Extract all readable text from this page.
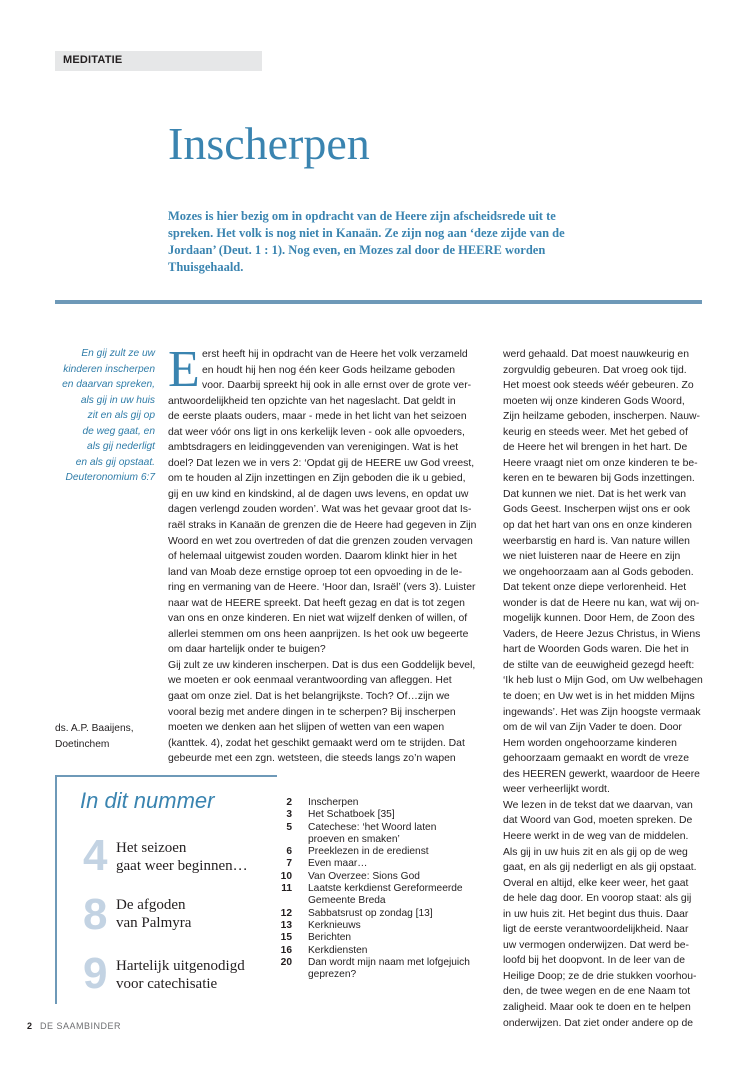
MEDITATIE
Inscherpen

Mozes is hier bezig om in opdracht van de Heere zijn afscheidsrede uit te spreken. Het volk is nog niet in Kanaän. Ze zijn nog aan ‘deze zijde van de Jordaan’ (Deut. 1 : 1). Nog even, en Mozes zal door de HEERE worden Thuisgehaald.

En gij zult ze uw
kinderen inscherpen
en daarvan spreken,
als gij in uw huis
zit en als gij op
de weg gaat, en
als gij nederligt
en als gij opstaat.
Deuteronomium 6:7
ds. A.P. Baaijens,
Doetinchem
E erst heeft hij in opdracht van de Heere het volk verzameld
en houdt hij hen nog één keer Gods heilzame geboden
voor. Daarbij spreekt hij ook in alle ernst over de grote ver-
antwoordelijkheid ten opzichte van het nageslacht. Dat geldt in
de eerste plaats ouders, maar - mede in het licht van het seizoen
dat weer vóór ons ligt in ons kerkelijk leven - ook alle opvoeders,
ambtsdragers en leidinggevenden van verenigingen. Wat is het
doel? Dat lezen we in vers 2: ‘Opdat gij de HEERE uw God vreest,
om te houden al Zijn inzettingen en Zijn geboden die ik u gebied,
gij en uw kind en kindskind, al de dagen uws levens, en opdat uw
dagen verlengd zouden worden’. Wat was het gevaar groot dat Is-
raël straks in Kanaän de grenzen die de Heere had gegeven in Zijn
Woord en wet zou overtreden of dat die grenzen zouden vervagen
of helemaal uitgewist zouden worden. Daarom klinkt hier in het
land van Moab deze ernstige oproep tot een opvoeding in de le-
ring en vermaning van de Heere. ‘Hoor dan, Israël’ (vers 3). Luister
naar wat de HEERE spreekt. Dat heeft gezag en dat is tot zegen
van ons en onze kinderen. En niet wat wijzelf denken of willen, of
allerlei stemmen om ons heen aanprijzen. Is het ook uw begeerte
om daar hartelijk onder te buigen?
Gij zult ze uw kinderen inscherpen. Dat is dus een Goddelijk bevel,
we moeten er ook eenmaal verantwoording van afleggen. Het
gaat om onze ziel. Dat is het belangrijkste. Toch? Of…zijn we
vooral bezig met andere dingen in te scherpen? Bij inscherpen
moeten we denken aan het slijpen of wetten van een wapen
(kanttek. 4), zodat het geschikt gemaakt werd om te strijden. Dat
gebeurde met een zgn. wetsteen, die steeds langs zo’n wapen
werd gehaald. Dat moest nauwkeurig en
zorgvuldig gebeuren. Dat vroeg ook tijd.
Het moest ook steeds wéér gebeuren. Zo
moeten wij onze kinderen Gods Woord,
Zijn heilzame geboden, inscherpen. Nauw-
keurig en steeds weer. Met het gebed of
de Heere het wil brengen in het hart. De
Heere vraagt niet om onze kinderen te be-
keren en te bewaren bij Gods inzettingen.
Dat kunnen we niet. Dat is het werk van
Gods Geest. Inscherpen wijst ons er ook
op dat het hart van ons en onze kinderen
weerbarstig en hard is. Van nature willen
we niet luisteren naar de Heere en zijn
we ongehoorzaam aan al Gods geboden.
Dat tekent onze diepe verlorenheid. Het
wonder is dat de Heere nu kan, wat wij on-
mogelijk kunnen. Door Hem, de Zoon des
Vaders, de Heere Jezus Christus, in Wiens
hart de Woorden Gods waren. Die het in
de stilte van de eeuwigheid gezegd heeft:
‘Ik heb lust o Mijn God, om Uw welbehagen
te doen; en Uw wet is in het midden Mijns
ingewands’. Het was Zijn hoogste vermaak
om de wil van Zijn Vader te doen. Door
Hem worden ongehoorzame kinderen
gehoorzaam gemaakt en wordt de vreze
des HEEREN gewerkt, waardoor de Heere
weer verheerlijkt wordt.
We lezen in de tekst dat we daarvan, van
dat Woord van God, moeten spreken. De
Heere werkt in de weg van de middelen.
Als gij in uw huis zit en als gij op de weg
gaat, en als gij nederligt en als gij opstaat.
Overal en altijd, elke keer weer, het gaat
de hele dag door. En voorop staat: als gij
in uw huis zit. Het begint dus thuis. Daar
ligt de eerste verantwoordelijkheid. Naar
uw vermogen onderwijzen. Dat werd be-
loofd bij het doopvont. In de leer van de
Heilige Doop; ze de drie stukken voorhou-
den, de twee wegen en de ene Naam tot
zaligheid. Maar ook te doen en te helpen
onderwijzen. Dat ziet onder andere op de
In dit nummer
4 Het seizoen
gaat weer beginnen…
8 De afgoden
van Palmyra
9 Hartelijk uitgenodigd
voor catechisatie
2 Inscherpen
3 Het Schatboek [35]
5 Catechese: ‘het Woord laten
proeven en smaken’
6 Preeklezen in de eredienst
7 Even maar…
10 Van Overzee: Sions God
11 Laatste kerkdienst Gereformeerde
Gemeente Breda
12 Sabbatsrust op zondag [13]
13 Kerknieuws
15 Berichten
16 Kerkdiensten
20 Dan wordt mijn naam met lofgejuich
geprezen?
2 DE SAAMBINDER
